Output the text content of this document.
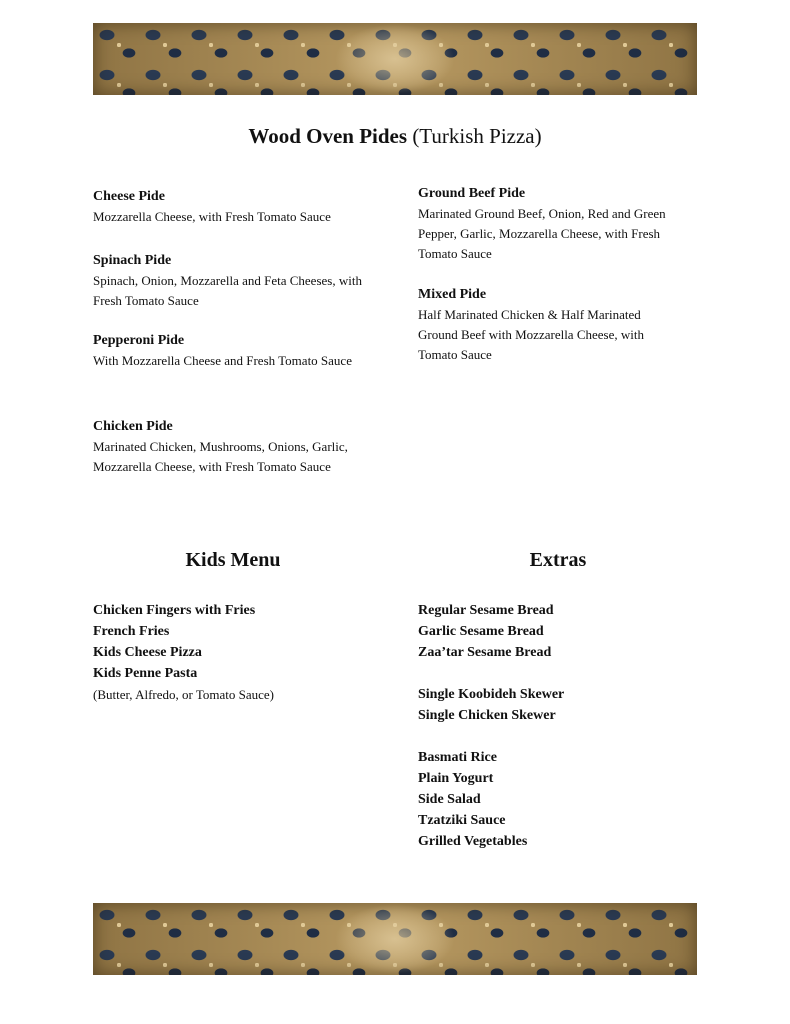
Wood Oven Pides (Turkish Pizza)
Cheese Pide
Mozzarella Cheese, with Fresh Tomato Sauce
Spinach Pide
Spinach, Onion, Mozzarella and Feta Cheeses, with Fresh Tomato Sauce
Pepperoni Pide
With Mozzarella Cheese and Fresh Tomato Sauce
Chicken Pide
Marinated Chicken, Mushrooms, Onions, Garlic, Mozzarella Cheese, with Fresh Tomato Sauce
Ground Beef Pide
Marinated Ground Beef, Onion, Red and Green Pepper, Garlic, Mozzarella Cheese, with Fresh Tomato Sauce
Mixed Pide
Half Marinated Chicken & Half Marinated Ground Beef with Mozzarella Cheese, with Tomato Sauce
Kids Menu
Chicken Fingers with Fries
French Fries
Kids Cheese Pizza
Kids Penne Pasta
(Butter, Alfredo, or Tomato Sauce)
Extras
Regular Sesame Bread
Garlic Sesame Bread
Zaa’tar Sesame Bread
Single Koobideh Skewer
Single Chicken Skewer
Basmati Rice
Plain Yogurt
Side Salad
Tzatziki Sauce
Grilled Vegetables
